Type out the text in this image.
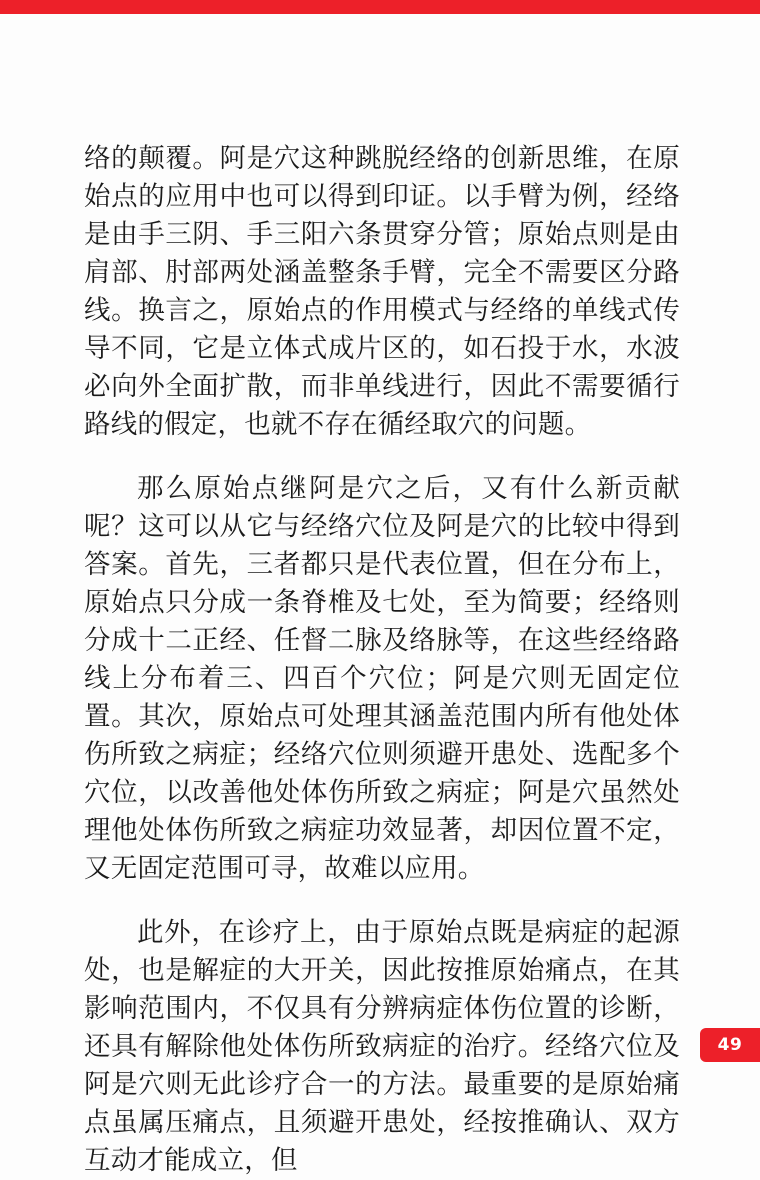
络的颠覆。阿是穴这种跳脱经络的创新思维，在原始点的应用中也可以得到印证。以手臂为例，经络是由手三阴、手三阳六条贯穿分管；原始点则是由肩部、肘部两处涵盖整条手臂，完全不需要区分路线。换言之，原始点的作用模式与经络的单线式传导不同，它是立体式成片区的，如石投于水，水波必向外全面扩散，而非单线进行，因此不需要循行路线的假定，也就不存在循经取穴的问题。

那么原始点继阿是穴之后，又有什么新贡献呢？这可以从它与经络穴位及阿是穴的比较中得到答案。首先，三者都只是代表位置，但在分布上，原始点只分成一条脊椎及七处，至为简要；经络则分成十二正经、任督二脉及络脉等，在这些经络路线上分布着三、四百个穴位；阿是穴则无固定位置。其次，原始点可处理其涵盖范围内所有他处体伤所致之病症；经络穴位则须避开患处、选配多个穴位，以改善他处体伤所致之病症；阿是穴虽然处理他处体伤所致之病症功效显著，却因位置不定，又无固定范围可寻，故难以应用。

此外，在诊疗上，由于原始点既是病症的起源处，也是解症的大开关，因此按推原始痛点，在其影响范围内，不仅具有分辨病症体伤位置的诊断，还具有解除他处体伤所致病症的治疗。经络穴位及阿是穴则无此诊疗合一的方法。最重要的是原始痛点虽属压痛点，且须避开患处，经按推确认、双方互动才能成立，但

49
